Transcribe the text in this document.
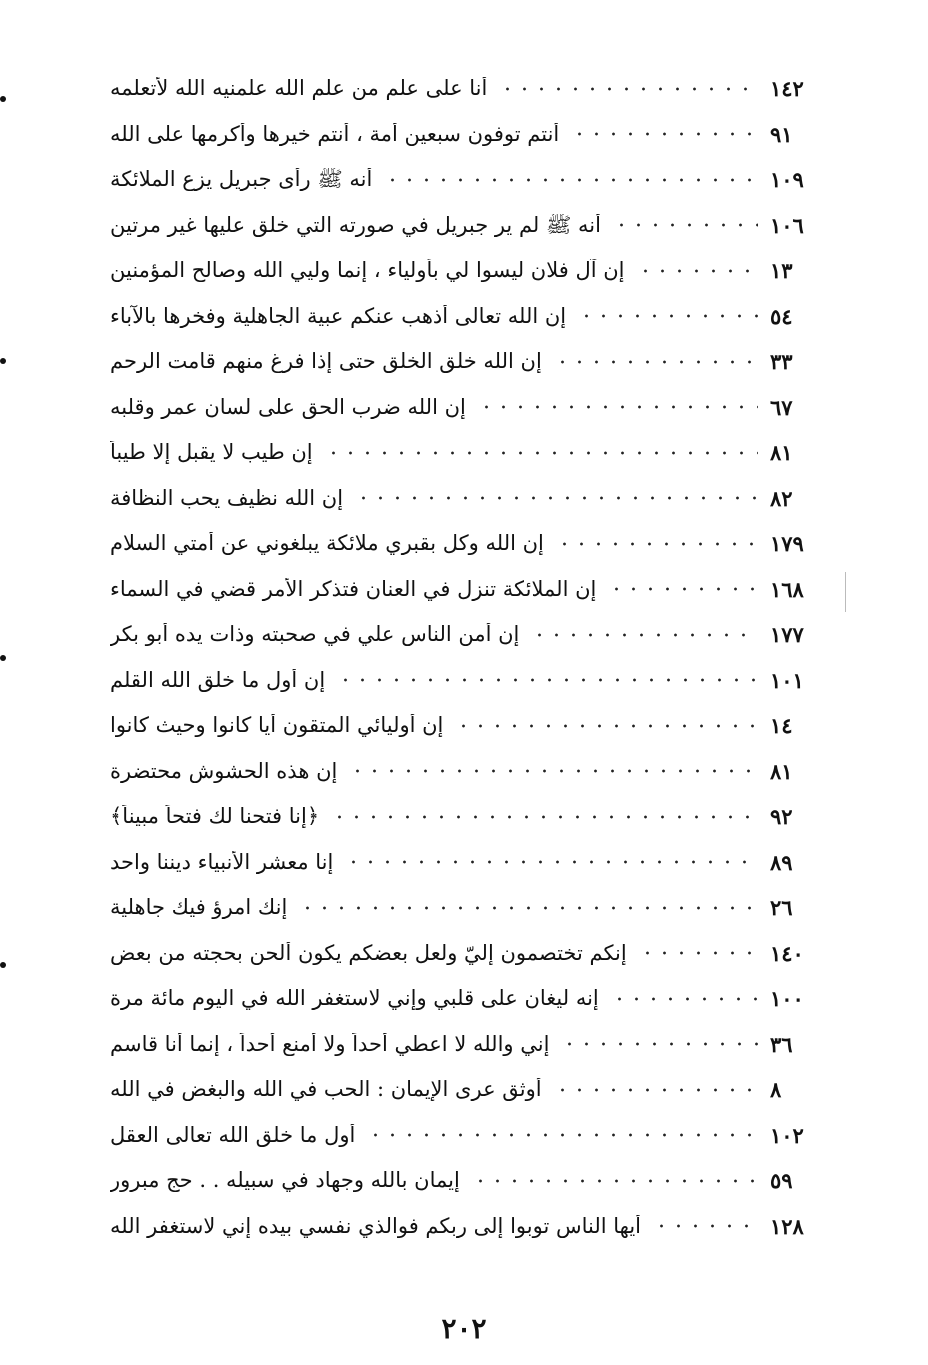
أنا على علم من علم الله علمنيه الله لأتعلمه	١٤٢
أنتم توفون سبعين أمة ، أنتم خيرها وأكرمها على الله	٩١
أنه ﷺ رأى جبريل يزع الملائكة	١٠٩
أنه ﷺ لم ير جبريل في صورته التي خلق عليها غير مرتين	١٠٦
إن آل فلان ليسوا لي بأولياء ، إنما وليي الله وصالح المؤمنين	١٣
إن الله تعالى أذهب عنكم عبية الجاهلية وفخرها بالآباء	٥٤
إن الله خلق الخلق حتى إذا فرغ منهم قامت الرحم	٣٣
إن الله ضرب الحق على لسان عمر وقلبه	٦٧
إن طيب لا يقبل إلا طيباً	٨١
إن الله نظيف يحب النظافة	٨٢
إن الله وكل بقبري ملائكة يبلغوني عن أمتي السلام	١٧٩
إن الملائكة تنزل في العنان فتذكر الأمر قضي في السماء	١٦٨
إن أمن الناس علي في صحبته وذات يده أبو بكر	١٧٧
إن أول ما خلق الله القلم	١٠١
إن أوليائي المتقون أيا كانوا وحيث كانوا	١٤
إن هذه الحشوش محتضرة	٨١
﴿إنا فتحنا لك فتحاً مبيناً﴾	٩٢
إنا معشر الأنبياء ديننا واحد	٨٩
إنك امرؤ فيك جاهلية	٢٦
إنكم تختصمون إليّ ولعل بعضكم يكون ألحن بحجته من بعض	١٤٠
إنه ليغان على قلبي وإني لاستغفر الله في اليوم مائة مرة	١٠٠
إني والله لا اعطي أحداً ولا أمنع أحداً ، إنما أنا قاسم	٣٦
أوثق عرى الإيمان : الحب في الله والبغض في الله	٨
أول ما خلق الله تعالى العقل	١٠٢
إيمان بالله وجهاد في سبيله . . حج مبرور	٥٩
أيها الناس توبوا إلى ربكم فوالذي نفسي بيده إني لاستغفر الله	١٢٨
٢٠٢
